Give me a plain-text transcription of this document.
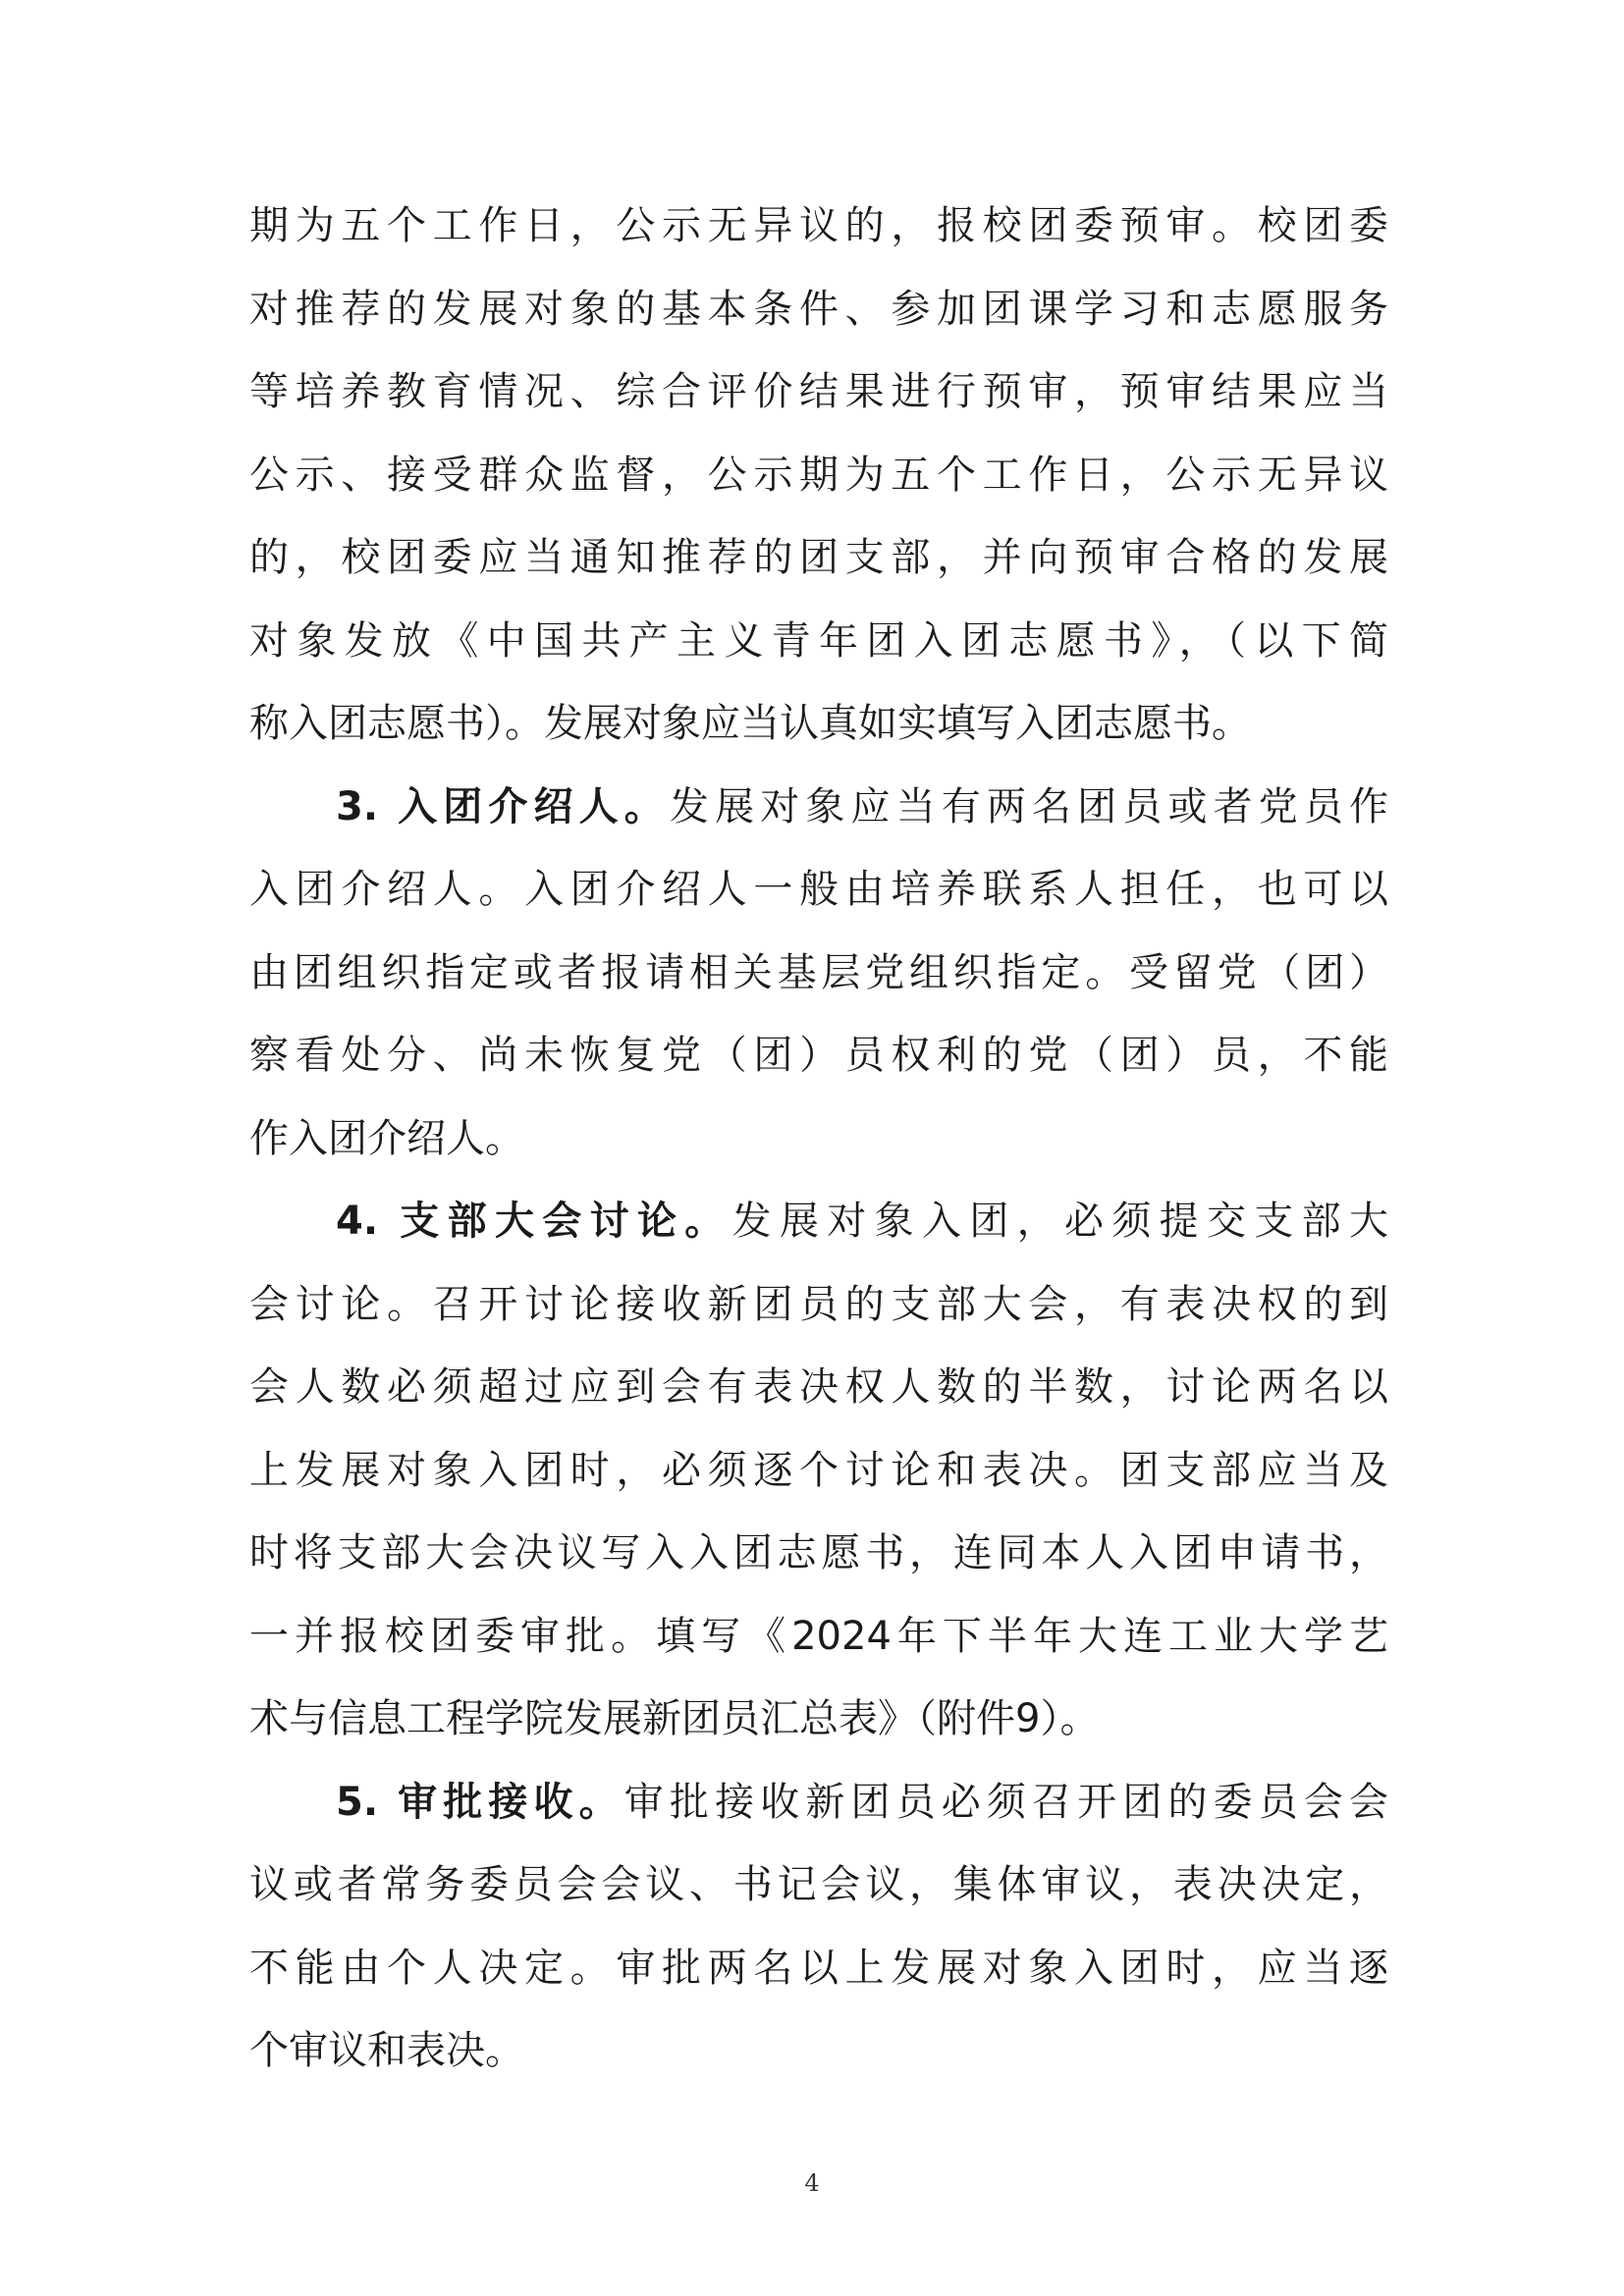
期为五个工作日，公示无异议的，报校团委预审。校团委
对推荐的发展对象的基本条件、参加团课学习和志愿服务
等培养教育情况、综合评价结果进行预审，预审结果应当
公示、接受群众监督，公示期为五个工作日，公示无异议
的，校团委应当通知推荐的团支部，并向预审合格的发展
对象发放《中国共产主义青年团入团志愿书》，（以下简
称入团志愿书）。发展对象应当认真如实填写入团志愿书。
3. 入团介绍人。发展对象应当有两名团员或者党员作
入团介绍人。入团介绍人一般由培养联系人担任，也可以
由团组织指定或者报请相关基层党组织指定。受留党（团）
察看处分、尚未恢复党（团）员权利的党（团）员，不能
作入团介绍人。
4. 支部大会讨论。发展对象入团，必须提交支部大
会讨论。召开讨论接收新团员的支部大会，有表决权的到
会人数必须超过应到会有表决权人数的半数，讨论两名以
上发展对象入团时，必须逐个讨论和表决。团支部应当及
时将支部大会决议写入入团志愿书，连同本人入团申请书，
一并报校团委审批。填写《2024年下半年大连工业大学艺
术与信息工程学院发展新团员汇总表》（附件9）。
5. 审批接收。审批接收新团员必须召开团的委员会会
议或者常务委员会会议、书记会议，集体审议，表决决定，
不能由个人决定。审批两名以上发展对象入团时，应当逐
个审议和表决。
4
